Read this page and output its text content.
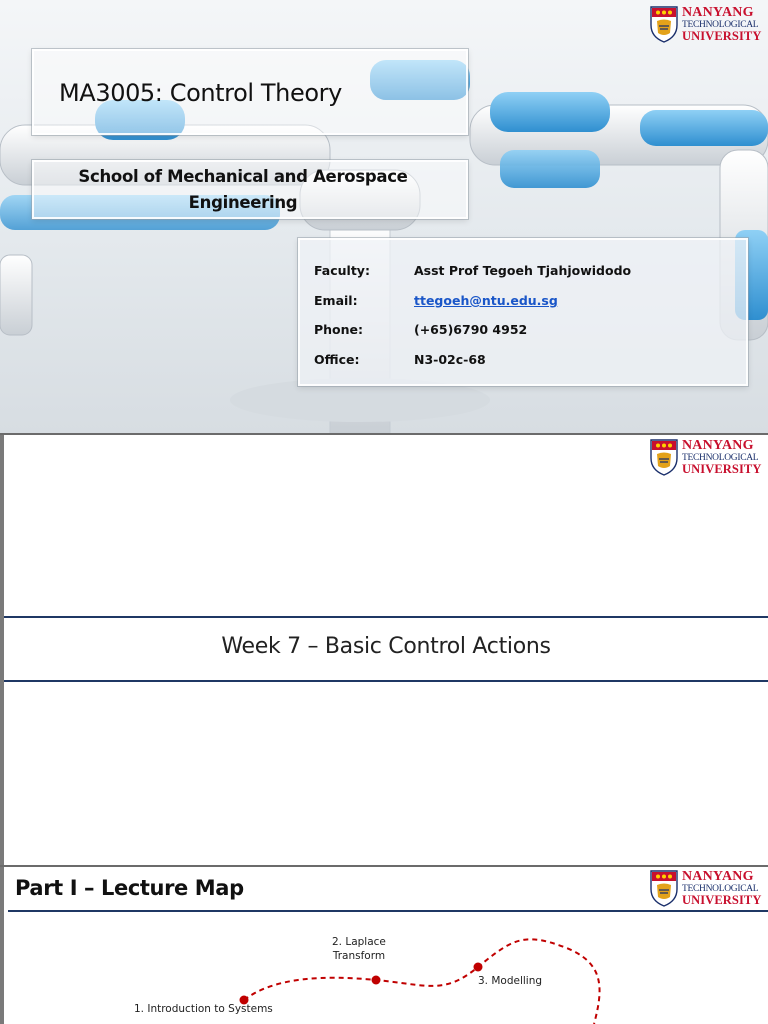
NANYANG
TECHNOLOGICAL
UNIVERSITY
MA3005: Control Theory
School of Mechanical and Aerospace
Engineering
Faculty:	Asst Prof Tegoeh Tjahjowidodo
Email:	ttegoeh@ntu.edu.sg
Phone:	(+65)6790 4952
Office:	N3-02c-68
NANYANG
TECHNOLOGICAL
UNIVERSITY
Week 7 – Basic Control Actions
Part I – Lecture Map	NANYANG
TECHNOLOGICAL
UNIVERSITY
1. Introduction to Systems
2. Laplace
Transform
3. Modelling
